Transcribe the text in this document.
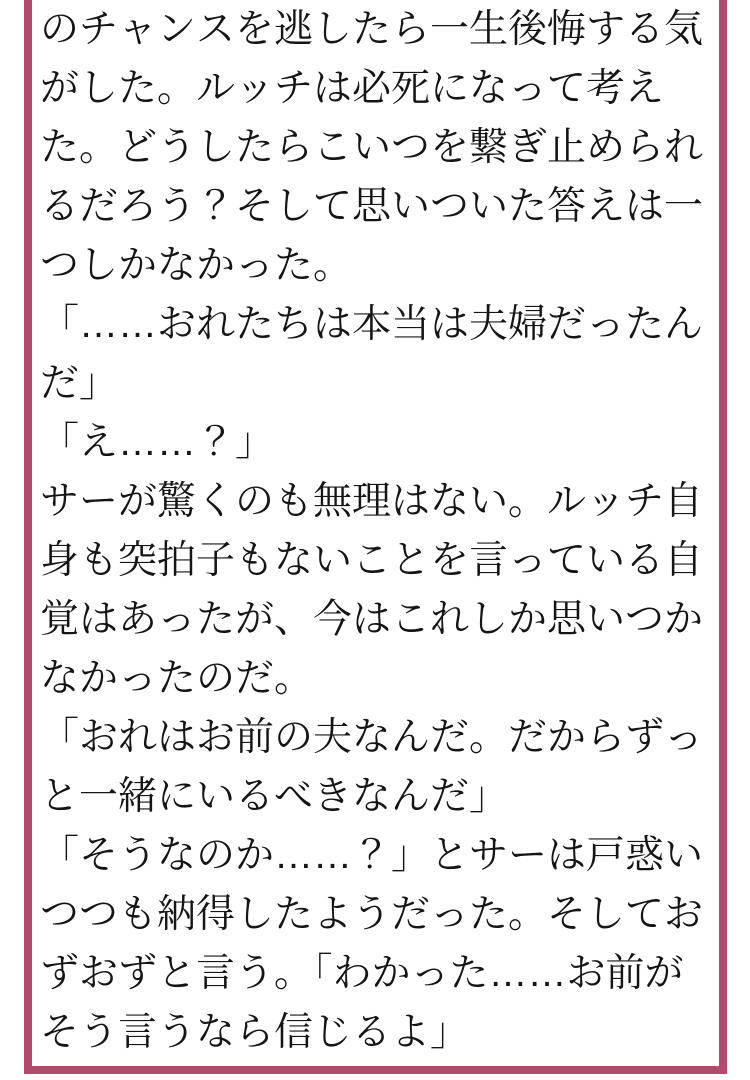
のチャンスを逃したら一生後悔する気
がした。ルッチは必死になって考え
た。どうしたらこいつを繋ぎ止められ
るだろう？そして思いついた答えは一
つしかなかった。
「……おれたちは本当は夫婦だったん
だ」
「え……？」
サーが驚くのも無理はない。ルッチ自
身も突拍子もないことを言っている自
覚はあったが、今はこれしか思いつか
なかったのだ。
「おれはお前の夫なんだ。だからずっ
と一緒にいるべきなんだ」
「そうなのか……？」とサーは戸惑い
つつも納得したようだった。そしてお
ずおずと言う。「わかった……お前が
そう言うなら信じるよ」
